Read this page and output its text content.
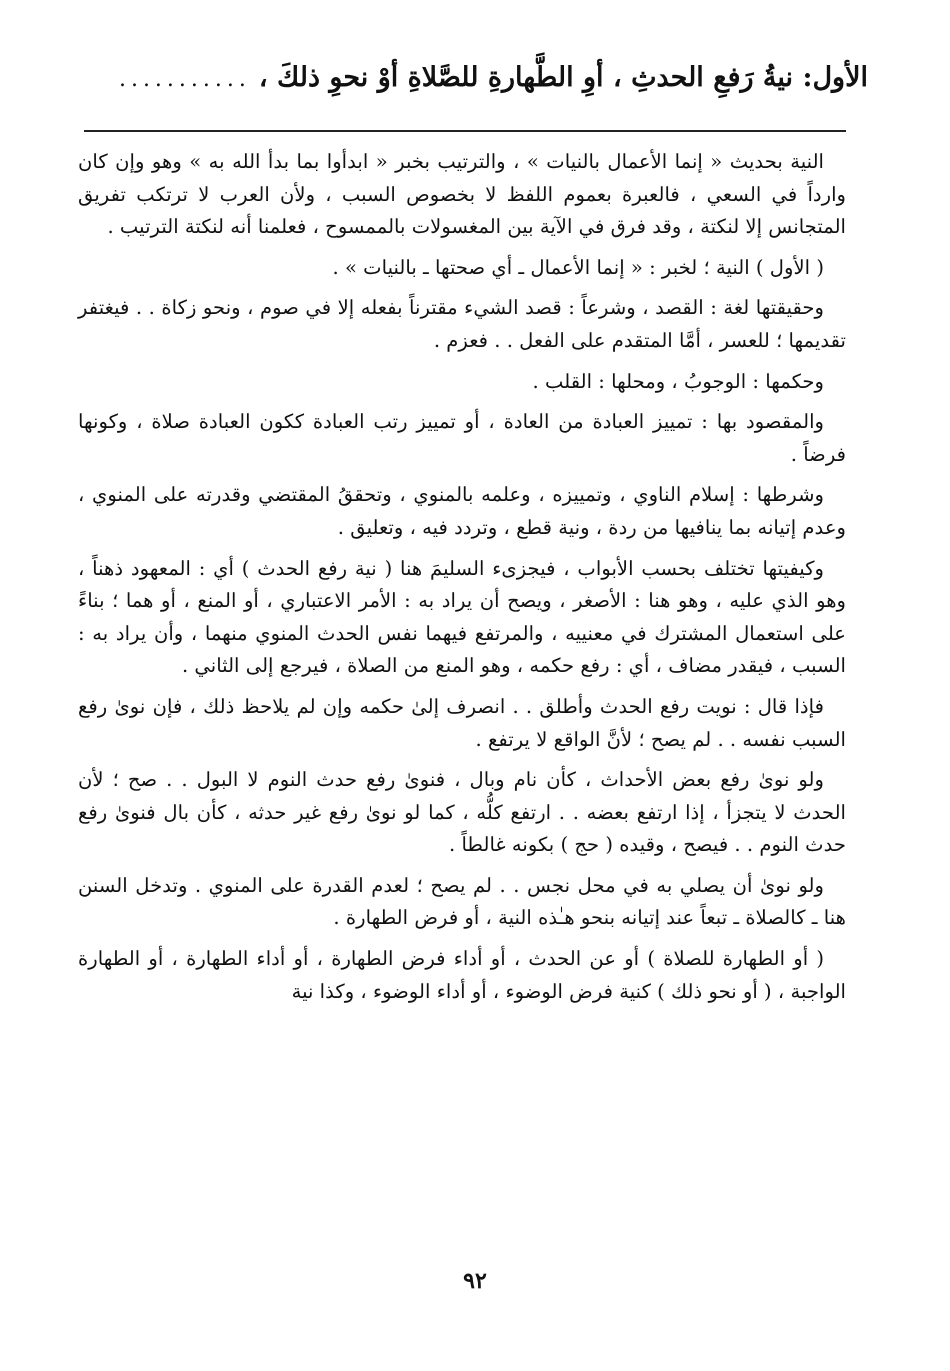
الأول
: نيةُ رَفعِ الحدثِ ، أوِ الطَّهارةِ للصَّلاةِ أوْ نحوِ ذلكَ ،
...........

النية بحديث « إنما الأعمال بالنيات » ، والترتيب بخبر « ابدأوا بما بدأ الله به » وهو وإن كان وارداً في السعي ، فالعبرة بعموم اللفظ لا بخصوص السبب ، ولأن العرب لا ترتكب تفريق المتجانس إلا لنكتة ، وقد فرق في الآية بين المغسولات بالممسوح ، فعلمنا أنه لنكتة الترتيب .

( الأول ) النية ؛ لخبر : « إنما الأعمال ـ أي صحتها ـ بالنيات » .

وحقيقتها لغة : القصد ، وشرعاً : قصد الشيء مقترناً بفعله إلا في صوم ، ونحو زكاة . . فيغتفر تقديمها ؛ للعسر ، أمَّا المتقدم على الفعل . . فعزم .

وحكمها : الوجوبُ ، ومحلها : القلب .

والمقصود بها : تمييز العبادة من العادة ، أو تمييز رتب العبادة ككون العبادة صلاة ، وكونها فرضاً .

وشرطها : إسلام الناوي ، وتمييزه ، وعلمه بالمنوي ، وتحققُ المقتضي وقدرته على المنوي ، وعدم إتيانه بما ينافيها من ردة ، ونية قطع ، وتردد فيه ، وتعليق .

وكيفيتها تختلف بحسب الأبواب ، فيجزىء السليمَ هنا ( نية رفع الحدث ) أي : المعهود ذهناً ، وهو الذي عليه ، وهو هنا : الأصغر ، ويصح أن يراد به : الأمر الاعتباري ، أو المنع ، أو هما ؛ بناءً على استعمال المشترك في معنييه ، والمرتفع فيهما نفس الحدث المنوي منهما ، وأن يراد به : السبب ، فيقدر مضاف ، أي : رفع حكمه ، وهو المنع من الصلاة ، فيرجع إلى الثاني .

فإذا قال : نويت رفع الحدث وأطلق . . انصرف إلىٰ حكمه وإن لم يلاحظ ذلك ، فإن نوىٰ رفع السبب نفسه . . لم يصح ؛ لأنَّ الواقع لا يرتفع .

ولو نوىٰ رفع بعض الأحداث ، كأن نام وبال ، فنوىٰ رفع حدث النوم لا البول . . صح ؛ لأن الحدث لا يتجزأ ، إذا ارتفع بعضه . . ارتفع كلُّه ، كما لو نوىٰ رفع غير حدثه ، كأن بال فنوىٰ رفع حدث النوم . . فيصح ، وقيده ( حج ) بكونه غالطاً .

ولو نوىٰ أن يصلي به في محل نجس . . لم يصح ؛ لعدم القدرة على المنوي . وتدخل السنن هنا ـ كالصلاة ـ تبعاً عند إتيانه بنحو هـٰذه النية ، أو فرض الطهارة .

( أو الطهارة للصلاة ) أو عن الحدث ، أو أداء فرض الطهارة ، أو أداء الطهارة ، أو الطهارة الواجبة ، ( أو نحو ذلك ) كنية فرض الوضوء ، أو أداء الوضوء ، وكذا نية

٩٢
